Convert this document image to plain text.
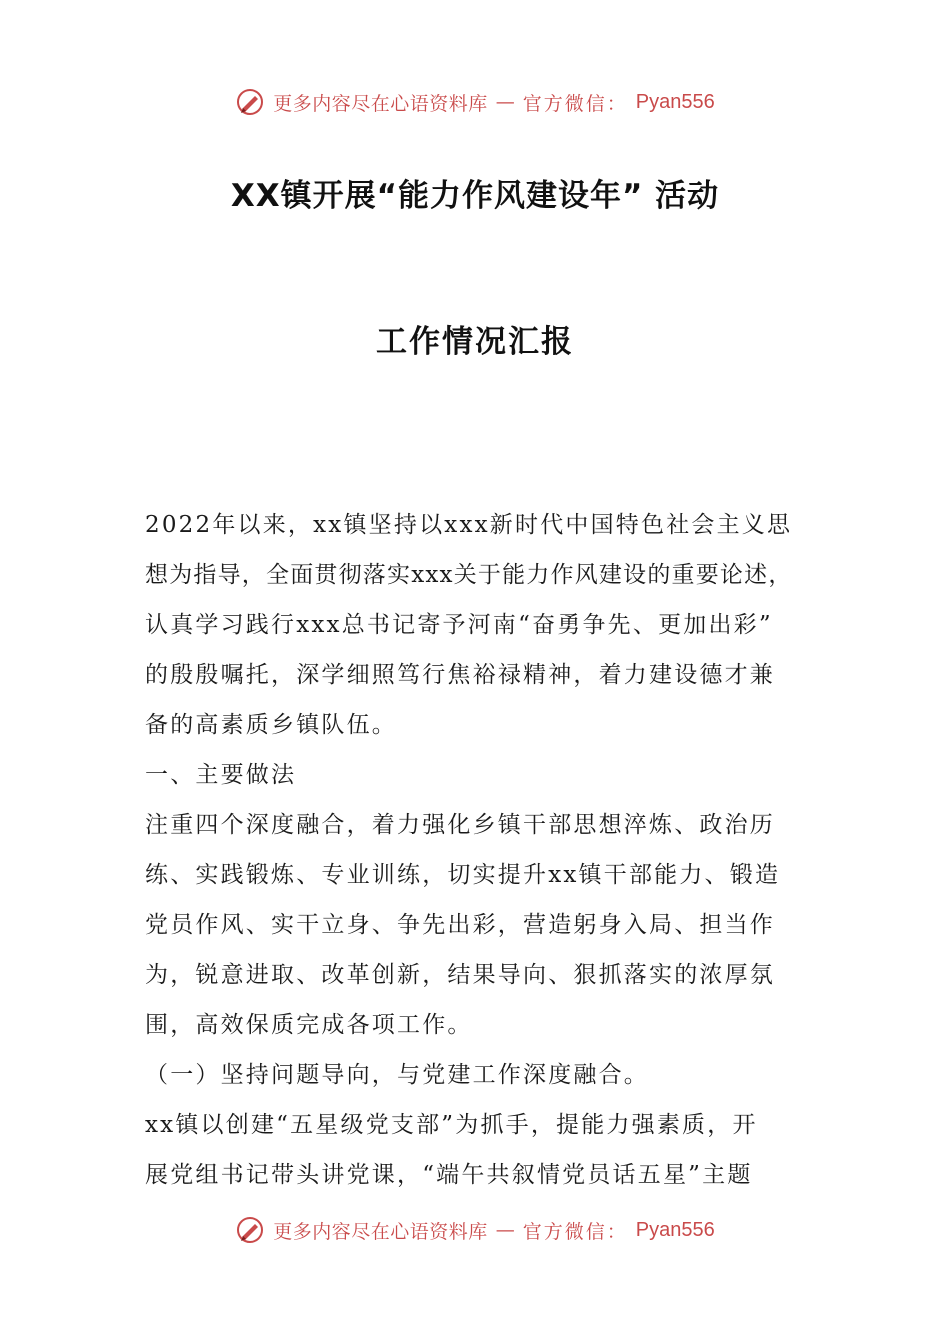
更多内容尽在心语资料库 — 官方微信： Pyan556
XX镇开展“能力作风建设年” 活动
工作情况汇报
2022年以来，xx镇坚持以xxx新时代中国特色社会主义思
想为指导，全面贯彻落实xxx关于能力作风建设的重要论述，
认真学习践行xxx总书记寄予河南“奋勇争先、更加出彩”
的殷殷嘱托，深学细照笃行焦裕禄精神，着力建设德才兼
备的高素质乡镇队伍。
一、主要做法
注重四个深度融合，着力强化乡镇干部思想淬炼、政治历
练、实践锻炼、专业训练，切实提升xx镇干部能力、锻造
党员作风、实干立身、争先出彩，营造躬身入局、担当作
为，锐意进取、改革创新，结果导向、狠抓落实的浓厚氛
围，高效保质完成各项工作。
（一）坚持问题导向，与党建工作深度融合。
xx镇以创建“五星级党支部”为抓手，提能力强素质，开
展党组书记带头讲党课，“端午共叙情党员话五星”主题
更多内容尽在心语资料库 — 官方微信： Pyan556
